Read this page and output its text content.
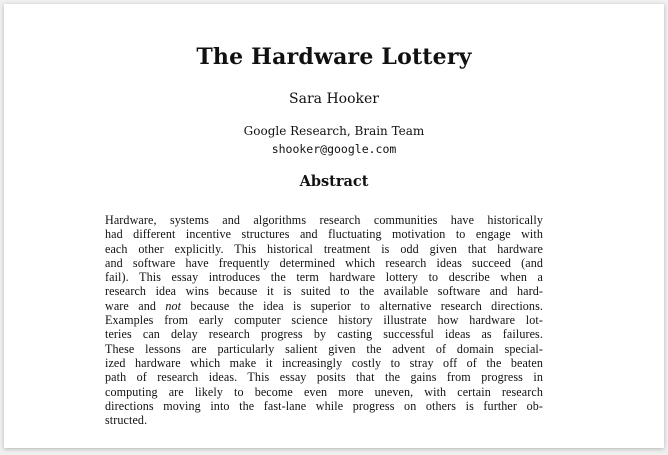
The Hardware Lottery
Sara Hooker
Google Research, Brain Team
shooker@google.com
Abstract
Hardware, systems and algorithms research communities have historically
had different incentive structures and fluctuating motivation to engage with
each other explicitly. This historical treatment is odd given that hardware
and software have frequently determined which research ideas succeed (and
fail). This essay introduces the term hardware lottery to describe when a
research idea wins because it is suited to the available software and hard-
ware and not because the idea is superior to alternative research directions.
Examples from early computer science history illustrate how hardware lot-
teries can delay research progress by casting successful ideas as failures.
These lessons are particularly salient given the advent of domain special-
ized hardware which make it increasingly costly to stray off of the beaten
path of research ideas. This essay posits that the gains from progress in
computing are likely to become even more uneven, with certain research
directions moving into the fast-lane while progress on others is further ob-
structed.
